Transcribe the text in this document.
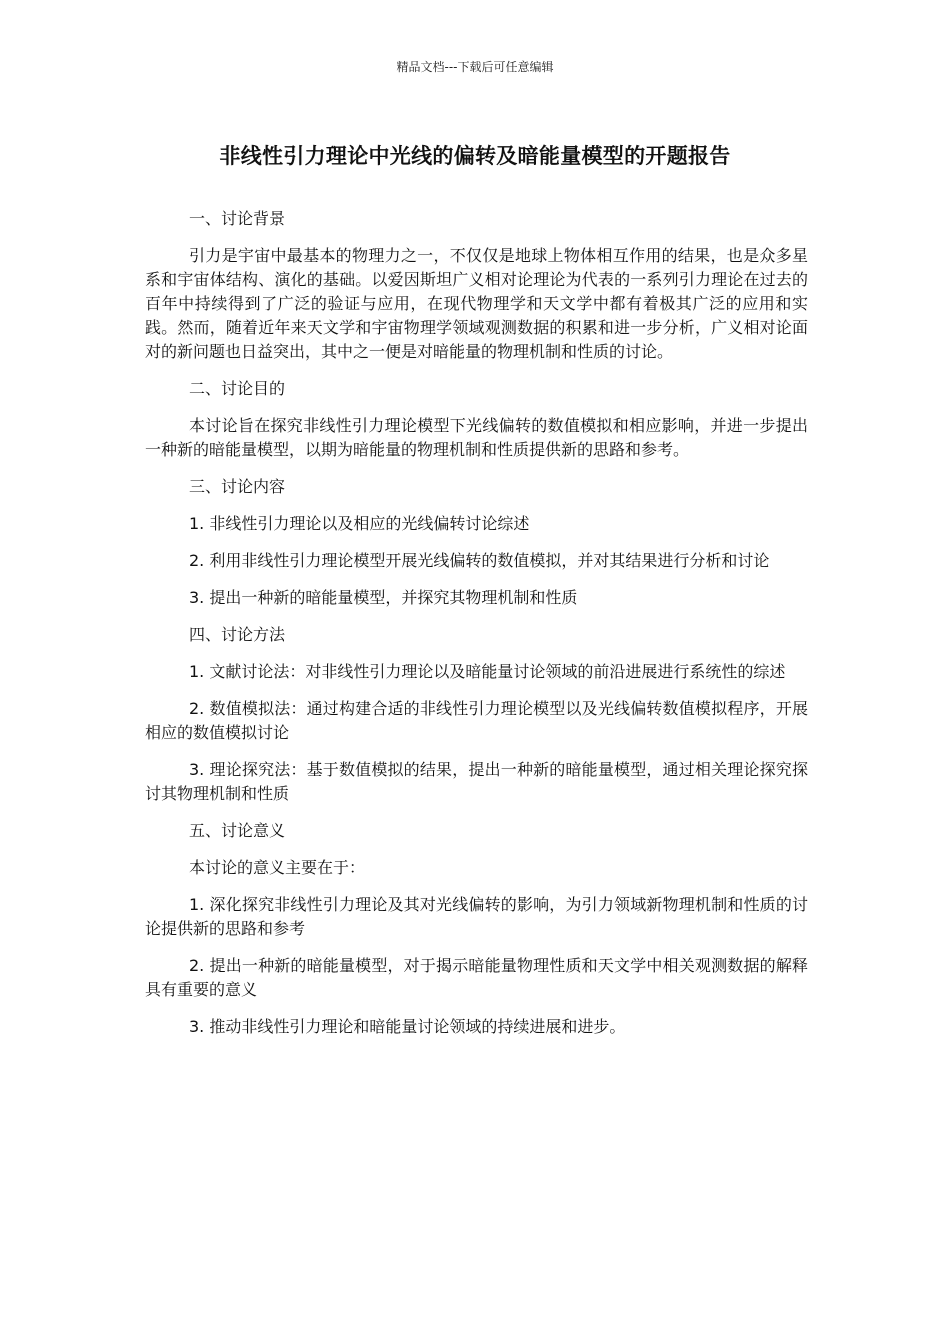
精品文档---下载后可任意编辑
非线性引力理论中光线的偏转及暗能量模型的开题报告
一、讨论背景
引力是宇宙中最基本的物理力之一，不仅仅是地球上物体相互作用的结果，也是众多星系和宇宙体结构、演化的基础。以爱因斯坦广义相对论理论为代表的一系列引力理论在过去的百年中持续得到了广泛的验证与应用，在现代物理学和天文学中都有着极其广泛的应用和实践。然而，随着近年来天文学和宇宙物理学领域观测数据的积累和进一步分析，广义相对论面对的新问题也日益突出，其中之一便是对暗能量的物理机制和性质的讨论。
二、讨论目的
本讨论旨在探究非线性引力理论模型下光线偏转的数值模拟和相应影响，并进一步提出一种新的暗能量模型，以期为暗能量的物理机制和性质提供新的思路和参考。
三、讨论内容
1. 非线性引力理论以及相应的光线偏转讨论综述
2. 利用非线性引力理论模型开展光线偏转的数值模拟，并对其结果进行分析和讨论
3. 提出一种新的暗能量模型，并探究其物理机制和性质
四、讨论方法
1. 文献讨论法：对非线性引力理论以及暗能量讨论领域的前沿进展进行系统性的综述
2. 数值模拟法：通过构建合适的非线性引力理论模型以及光线偏转数值模拟程序，开展相应的数值模拟讨论
3. 理论探究法：基于数值模拟的结果，提出一种新的暗能量模型，通过相关理论探究探讨其物理机制和性质
五、讨论意义
本讨论的意义主要在于：
1. 深化探究非线性引力理论及其对光线偏转的影响，为引力领域新物理机制和性质的讨论提供新的思路和参考
2. 提出一种新的暗能量模型，对于揭示暗能量物理性质和天文学中相关观测数据的解释具有重要的意义
3. 推动非线性引力理论和暗能量讨论领域的持续进展和进步。
